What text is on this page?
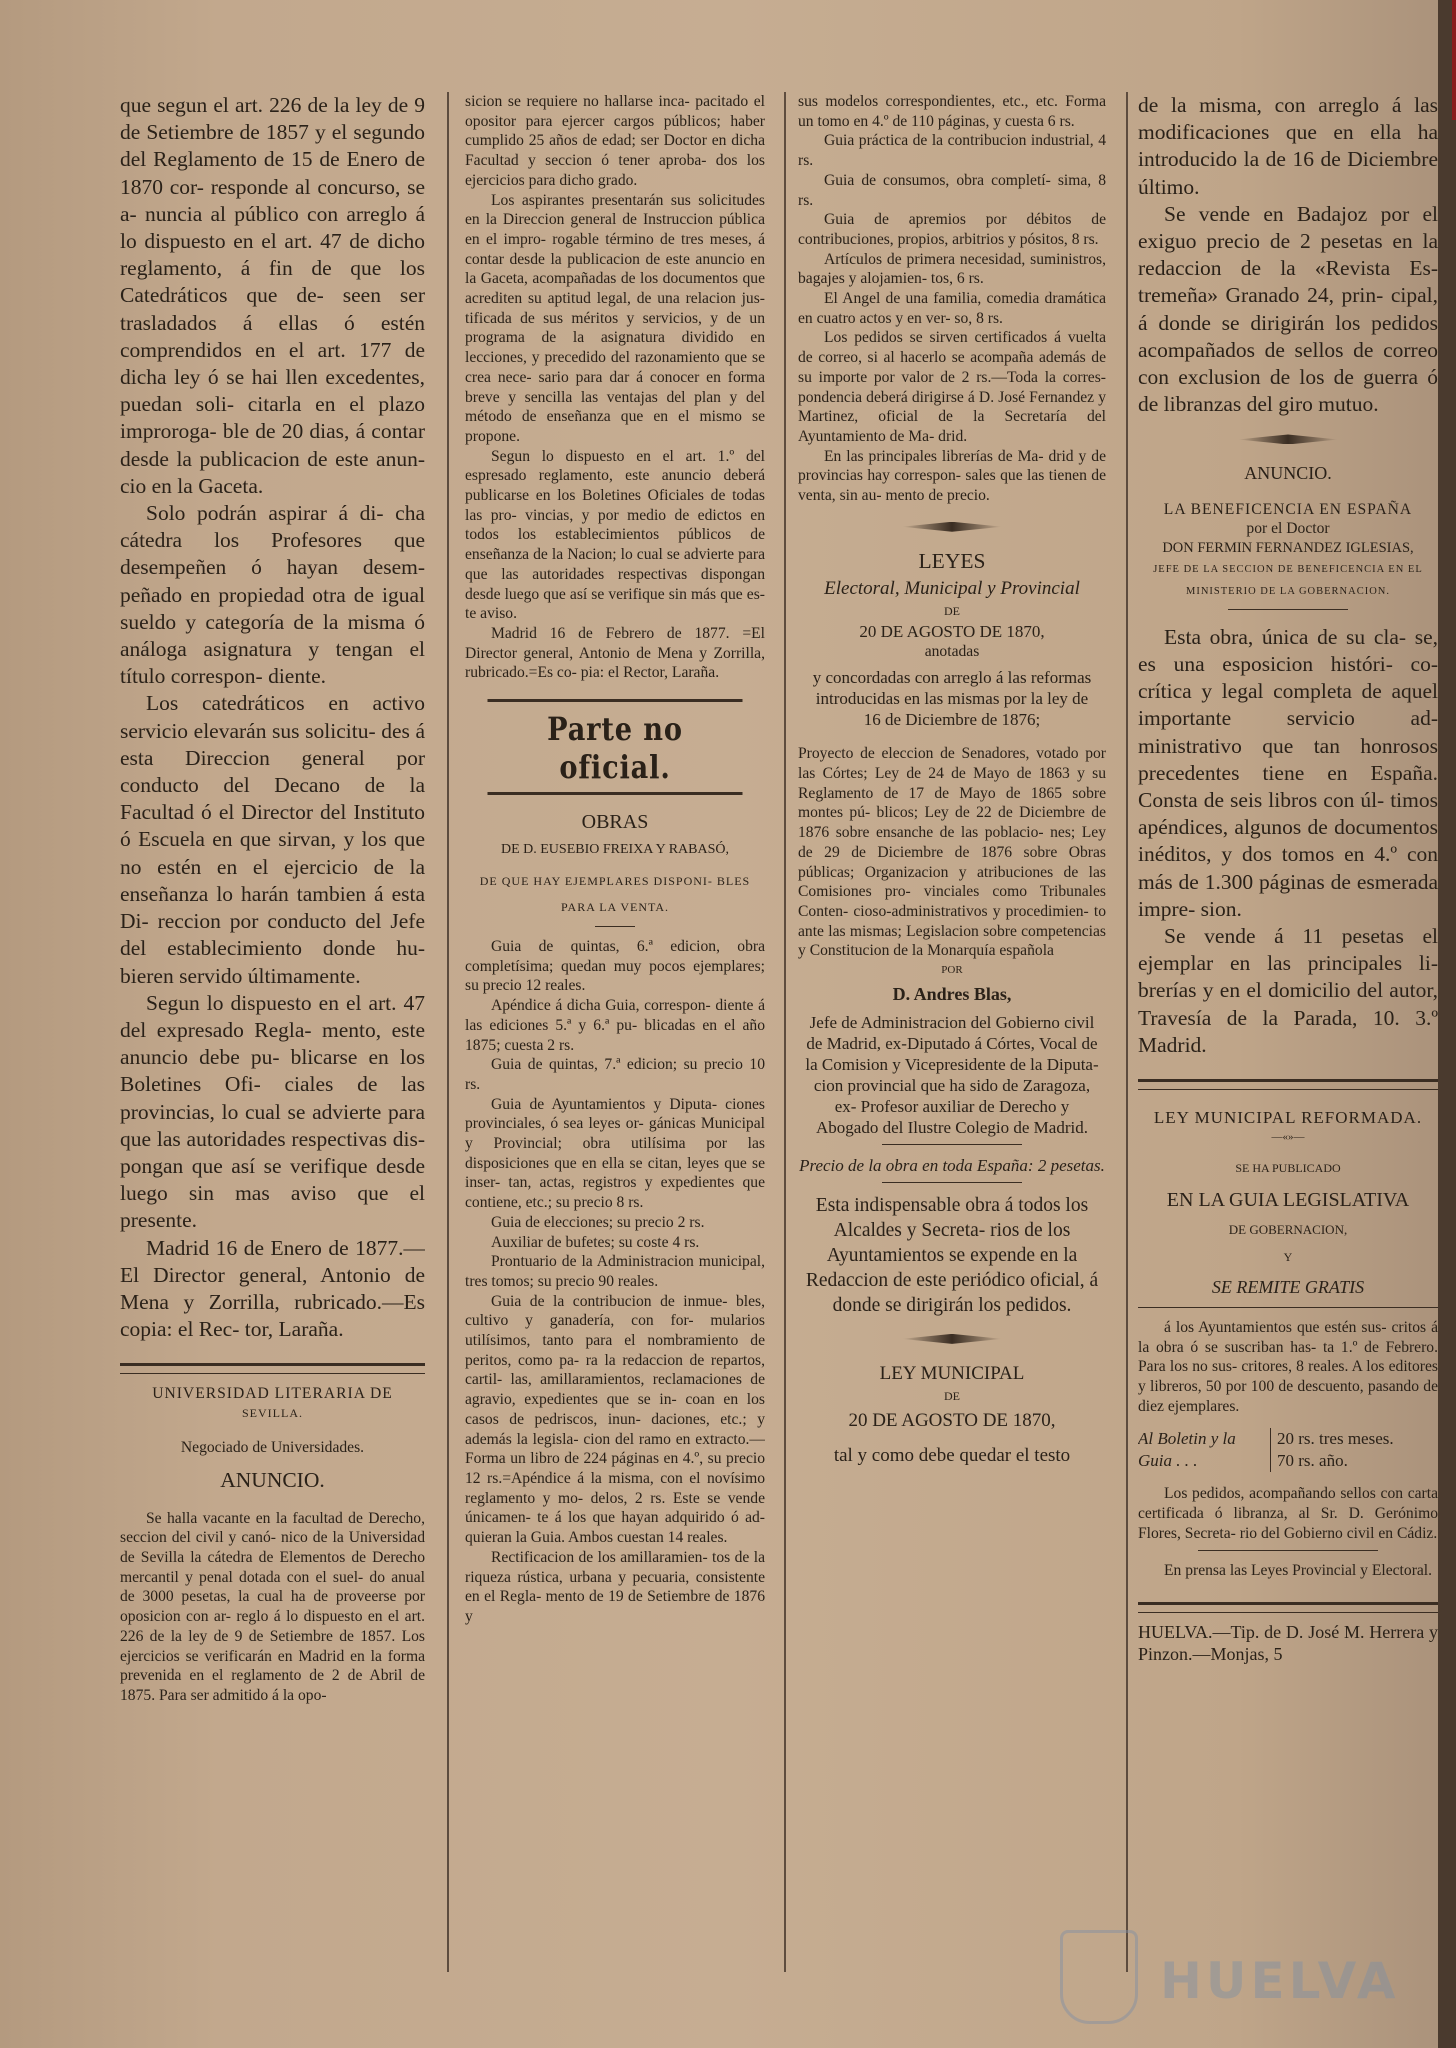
que segun el art. 226 de la ley de 9 de Setiembre de 1857 y el segundo del Reglamento de 15 de Enero de 1870 cor- responde al concurso, se a- nuncia al público con arreglo á lo dispuesto en el art. 47 de dicho reglamento, á fin de que los Catedráticos que de- seen ser trasladados á ellas ó estén comprendidos en el art. 177 de dicha ley ó se hai llen excedentes, puedan soli- citarla en el plazo improroga- ble de 20 dias, á contar desde la publicacion de este anun- cio en la Gaceta.

Solo podrán aspirar á di- cha cátedra los Profesores que desempeñen ó hayan desem- peñado en propiedad otra de igual sueldo y categoría de la misma ó análoga asignatura y tengan el título correspon- diente.

Los catedráticos en activo servicio elevarán sus solicitu- des á esta Direccion general por conducto del Decano de la Facultad ó el Director del Instituto ó Escuela en que sirvan, y los que no estén en el ejercicio de la enseñanza lo harán tambien á esta Di- reccion por conducto del Jefe del establecimiento donde hu- bieren servido últimamente.

Segun lo dispuesto en el art. 47 del expresado Regla- mento, este anuncio debe pu- blicarse en los Boletines Ofi- ciales de las provincias, lo cual se advierte para que las autoridades respectivas dis- pongan que así se verifique desde luego sin mas aviso que el presente.

Madrid 16 de Enero de 1877.—El Director general, Antonio de Mena y Zorrilla, rubricado.—Es copia: el Rec- tor, Laraña.

UNIVERSIDAD LITERARIA DE

SEVILLA.

Negociado de Universidades.

ANUNCIO.

Se halla vacante en la facultad de Derecho, seccion del civil y canó- nico de la Universidad de Sevilla la cátedra de Elementos de Derecho mercantil y penal dotada con el suel- do anual de 3000 pesetas, la cual ha de proveerse por oposicion con ar- reglo á lo dispuesto en el art. 226 de la ley de 9 de Setiembre de 1857. Los ejercicios se verificarán en Madrid en la forma prevenida en el reglamento de 2 de Abril de 1875. Para ser admitido á la opo-

sicion se requiere no hallarse inca- pacitado el opositor para ejercer cargos públicos; haber cumplido 25 años de edad; ser Doctor en dicha Facultad y seccion ó tener aproba- dos los ejercicios para dicho grado.

Los aspirantes presentarán sus solicitudes en la Direccion general de Instruccion pública en el impro- rogable término de tres meses, á contar desde la publicacion de este anuncio en la Gaceta, acompañadas de los documentos que acrediten su aptitud legal, de una relacion jus- tificada de sus méritos y servicios, y de un programa de la asignatura dividido en lecciones, y precedido del razonamiento que se crea nece- sario para dar á conocer en forma breve y sencilla las ventajas del plan y del método de enseñanza que en el mismo se propone.

Segun lo dispuesto en el art. 1.º del espresado reglamento, este anuncio deberá publicarse en los Boletines Oficiales de todas las pro- vincias, y por medio de edictos en todos los establecimientos públicos de enseñanza de la Nacion; lo cual se advierte para que las autoridades respectivas dispongan desde luego que así se verifique sin más que es- te aviso.

Madrid 16 de Febrero de 1877. =El Director general, Antonio de Mena y Zorrilla, rubricado.=Es co- pia: el Rector, Laraña.

Parte no oficial.

OBRAS

DE D. EUSEBIO FREIXA Y RABASÓ,

DE QUE HAY EJEMPLARES DISPONI- BLES PARA LA VENTA.

Guia de quintas, 6.ª edicion, obra completísima; quedan muy pocos ejemplares; su precio 12 reales.

Apéndice á dicha Guia, correspon- diente á las ediciones 5.ª y 6.ª pu- blicadas en el año 1875; cuesta 2 rs.

Guia de quintas, 7.ª edicion; su precio 10 rs.

Guia de Ayuntamientos y Diputa- ciones provinciales, ó sea leyes or- gánicas Municipal y Provincial; obra utilísima por las disposiciones que en ella se citan, leyes que se inser- tan, actas, registros y expedientes que contiene, etc.; su precio 8 rs.

Guia de elecciones; su precio 2 rs.

Auxiliar de bufetes; su coste 4 rs.

Prontuario de la Administracion municipal, tres tomos; su precio 90 reales.

Guia de la contribucion de inmue- bles, cultivo y ganadería, con for- mularios utilísimos, tanto para el nombramiento de peritos, como pa- ra la redaccion de repartos, cartil- las, amillaramientos, reclamaciones de agravio, expedientes que se in- coan en los casos de pedriscos, inun- daciones, etc.; y además la legisla- cion del ramo en extracto.—Forma un libro de 224 páginas en 4.º, su precio 12 rs.=Apéndice á la misma, con el novísimo reglamento y mo- delos, 2 rs. Este se vende únicamen- te á los que hayan adquirido ó ad- quieran la Guia. Ambos cuestan 14 reales.

Rectificacion de los amillaramien- tos de la riqueza rústica, urbana y pecuaria, consistente en el Regla- mento de 19 de Setiembre de 1876 y

sus modelos correspondientes, etc., etc. Forma un tomo en 4.º de 110 páginas, y cuesta 6 rs.

Guia práctica de la contribucion industrial, 4 rs.

Guia de consumos, obra completí- sima, 8 rs.

Guia de apremios por débitos de contribuciones, propios, arbitrios y pósitos, 8 rs.

Artículos de primera necesidad, suministros, bagajes y alojamien- tos, 6 rs.

El Angel de una familia, comedia dramática en cuatro actos y en ver- so, 8 rs.

Los pedidos se sirven certificados á vuelta de correo, si al hacerlo se acompaña además de su importe por valor de 2 rs.—Toda la corres- pondencia deberá dirigirse á D. José Fernandez y Martinez, oficial de la Secretaría del Ayuntamiento de Ma- drid.

En las principales librerías de Ma- drid y de provincias hay correspon- sales que las tienen de venta, sin au- mento de precio.

LEYES

Electoral, Municipal y Provincial

DE

20 DE AGOSTO DE 1870,

anotadas

y concordadas con arreglo á las reformas introducidas en las mismas por la ley de 16 de Diciembre de 1876;

Proyecto de eleccion de Senadores, votado por las Córtes; Ley de 24 de Mayo de 1863 y su Reglamento de 17 de Mayo de 1865 sobre montes pú- blicos; Ley de 22 de Diciembre de 1876 sobre ensanche de las poblacio- nes; Ley de 29 de Diciembre de 1876 sobre Obras públicas; Organizacion y atribuciones de las Comisiones pro- vinciales como Tribunales Conten- cioso-administrativos y procedimien- to ante las mismas; Legislacion sobre competencias y Constitucion de la Monarquía española

POR

D. Andres Blas,

Jefe de Administracion del Gobierno civil de Madrid, ex-Diputado á Córtes, Vocal de la Comision y Vicepresidente de la Diputa- cion provincial que ha sido de Zaragoza, ex- Profesor auxiliar de Derecho y Abogado del Ilustre Colegio de Madrid.

Precio de la obra en toda España: 2 pesetas.

Esta indispensable obra á todos los Alcaldes y Secreta- rios de los Ayuntamientos se expende en la Redaccion de este periódico oficial, á donde se dirigirán los pedidos.

LEY MUNICIPAL

DE

20 DE AGOSTO DE 1870,

tal y como debe quedar el testo

de la misma, con arreglo á las modificaciones que en ella ha introducido la de 16 de Diciembre último.

Se vende en Badajoz por el exiguo precio de 2 pesetas en la redaccion de la «Revista Es- tremeña» Granado 24, prin- cipal, á donde se dirigirán los pedidos acompañados de sellos de correo con exclusion de los de guerra ó de libranzas del giro mutuo.

ANUNCIO.

LA BENEFICENCIA EN ESPAÑA

por el Doctor

DON FERMIN FERNANDEZ IGLESIAS,

JEFE DE LA SECCION DE BENEFICENCIA EN EL MINISTERIO DE LA GOBERNACION.

Esta obra, única de su cla- se, es una esposicion históri- co-crítica y legal completa de aquel importante servicio ad- ministrativo que tan honrosos precedentes tiene en España. Consta de seis libros con úl- timos apéndices, algunos de documentos inéditos, y dos tomos en 4.º con más de 1.300 páginas de esmerada impre- sion.

Se vende á 11 pesetas el ejemplar en las principales li- brerías y en el domicilio del autor, Travesía de la Parada, 10. 3.º Madrid.

LEY MUNICIPAL REFORMADA.

—«»—

SE HA PUBLICADO

EN LA GUIA LEGISLATIVA

DE GOBERNACION,

Y

SE REMITE GRATIS

á los Ayuntamientos que estén sus- critos á la obra ó se suscriban has- ta 1.º de Febrero. Para los no sus- critores, 8 reales. A los editores y libreros, 50 por 100 de descuento, pasando de diez ejemplares.

Al Boletin y la
Guia . . .
20 rs. tres meses.
70 rs. año.

Los pedidos, acompañando sellos con carta certificada ó libranza, al Sr. D. Gerónimo Flores, Secreta- rio del Gobierno civil en Cádiz.

En prensa las Leyes Provincial y Electoral.

HUELVA.—Tip. de D. José M. Herrera y Pinzon.—Monjas, 5

HUELVA
